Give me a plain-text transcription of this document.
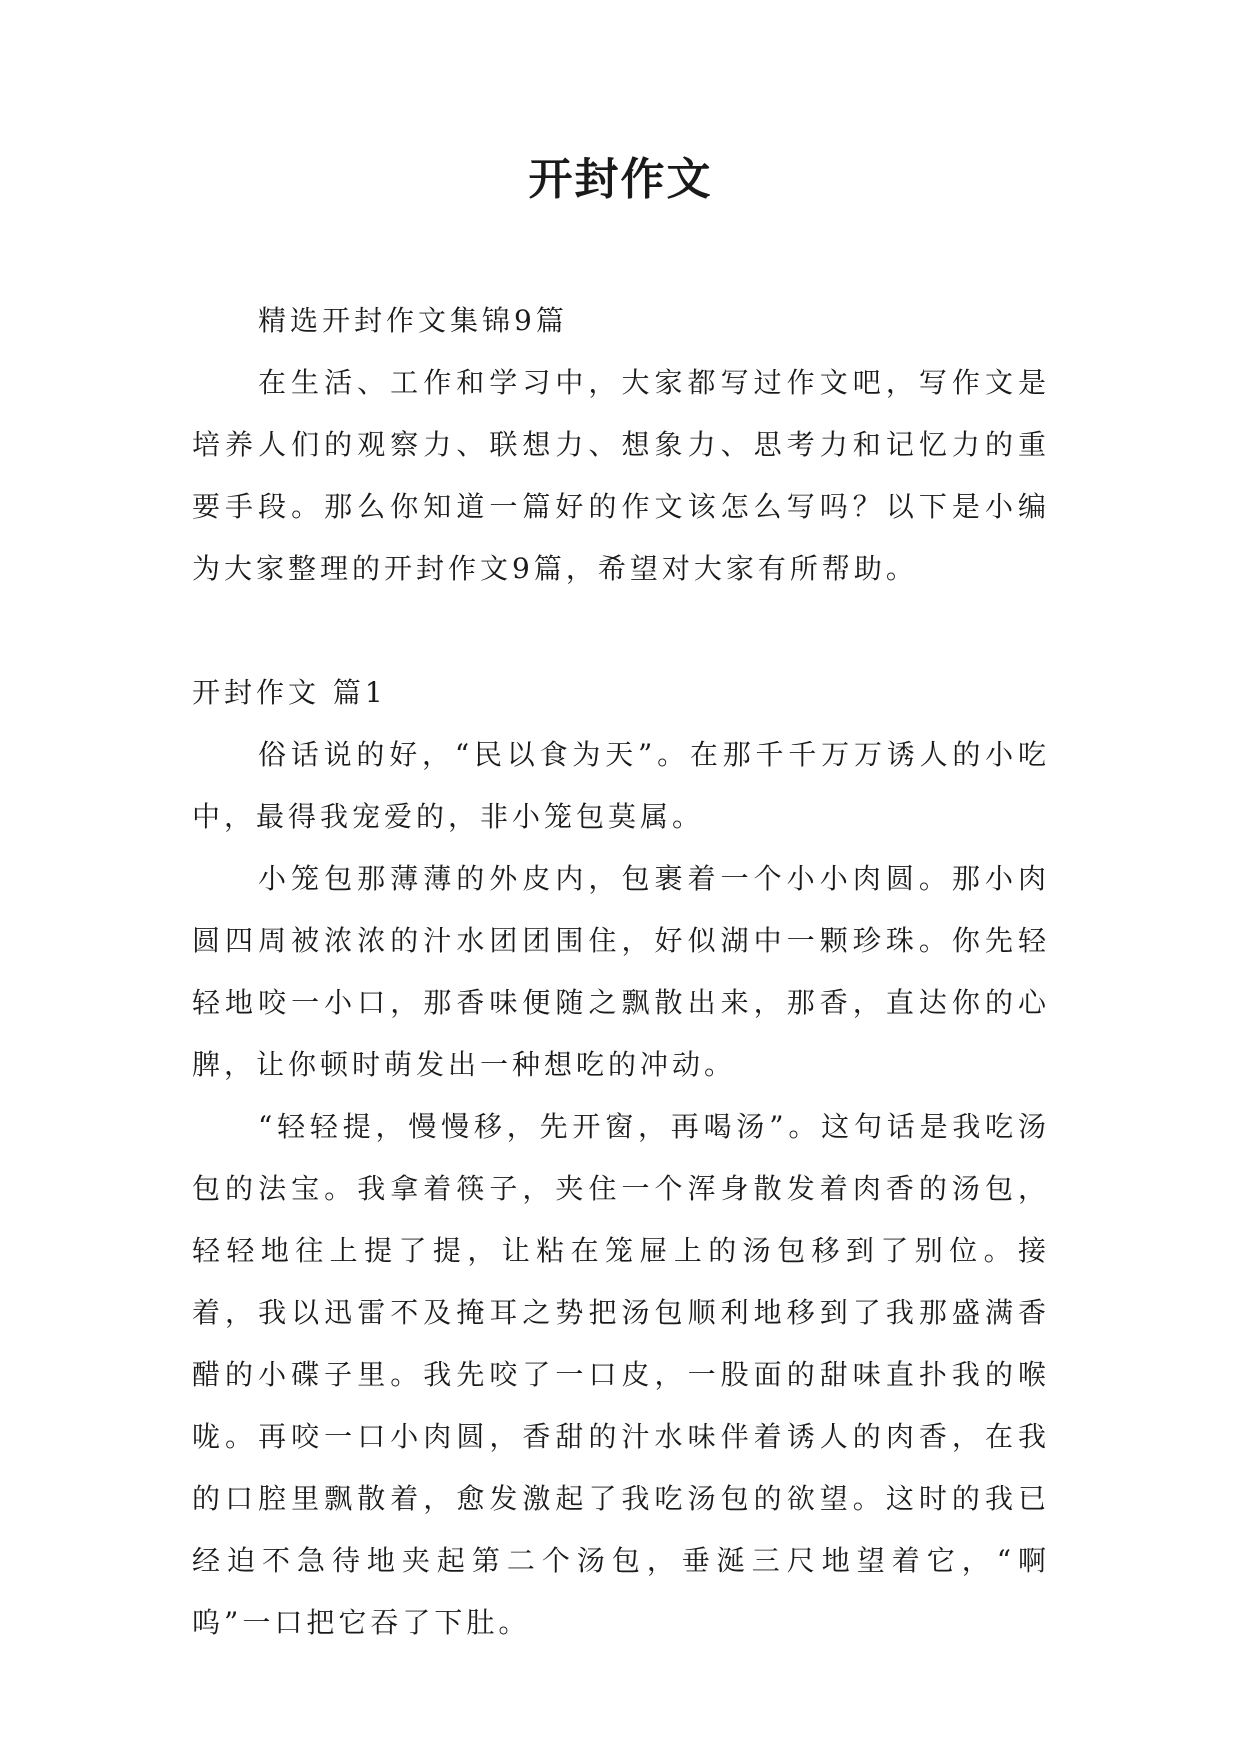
开封作文

精选开封作文集锦9篇

在生活、工作和学习中，大家都写过作文吧，写作文是培养人们的观察力、联想力、想象力、思考力和记忆力的重要手段。那么你知道一篇好的作文该怎么写吗？以下是小编为大家整理的开封作文9篇，希望对大家有所帮助。

开封作文 篇1

俗话说的好，“民以食为天”。在那千千万万诱人的小吃中，最得我宠爱的，非小笼包莫属。

小笼包那薄薄的外皮内，包裹着一个小小肉圆。那小肉圆四周被浓浓的汁水团团围住，好似湖中一颗珍珠。你先轻轻地咬一小口，那香味便随之飘散出来，那香，直达你的心脾，让你顿时萌发出一种想吃的冲动。

“轻轻提，慢慢移，先开窗，再喝汤”。这句话是我吃汤包的法宝。我拿着筷子，夹住一个浑身散发着肉香的汤包，轻轻地往上提了提，让粘在笼屉上的汤包移到了别位。接着，我以迅雷不及掩耳之势把汤包顺利地移到了我那盛满香醋的小碟子里。我先咬了一口皮，一股面的甜味直扑我的喉咙。再咬一口小肉圆，香甜的汁水味伴着诱人的肉香，在我的口腔里飘散着，愈发激起了我吃汤包的欲望。这时的我已经迫不急待地夹起第二个汤包，垂涎三尺地望着它，“啊呜”一口把它吞了下肚。
